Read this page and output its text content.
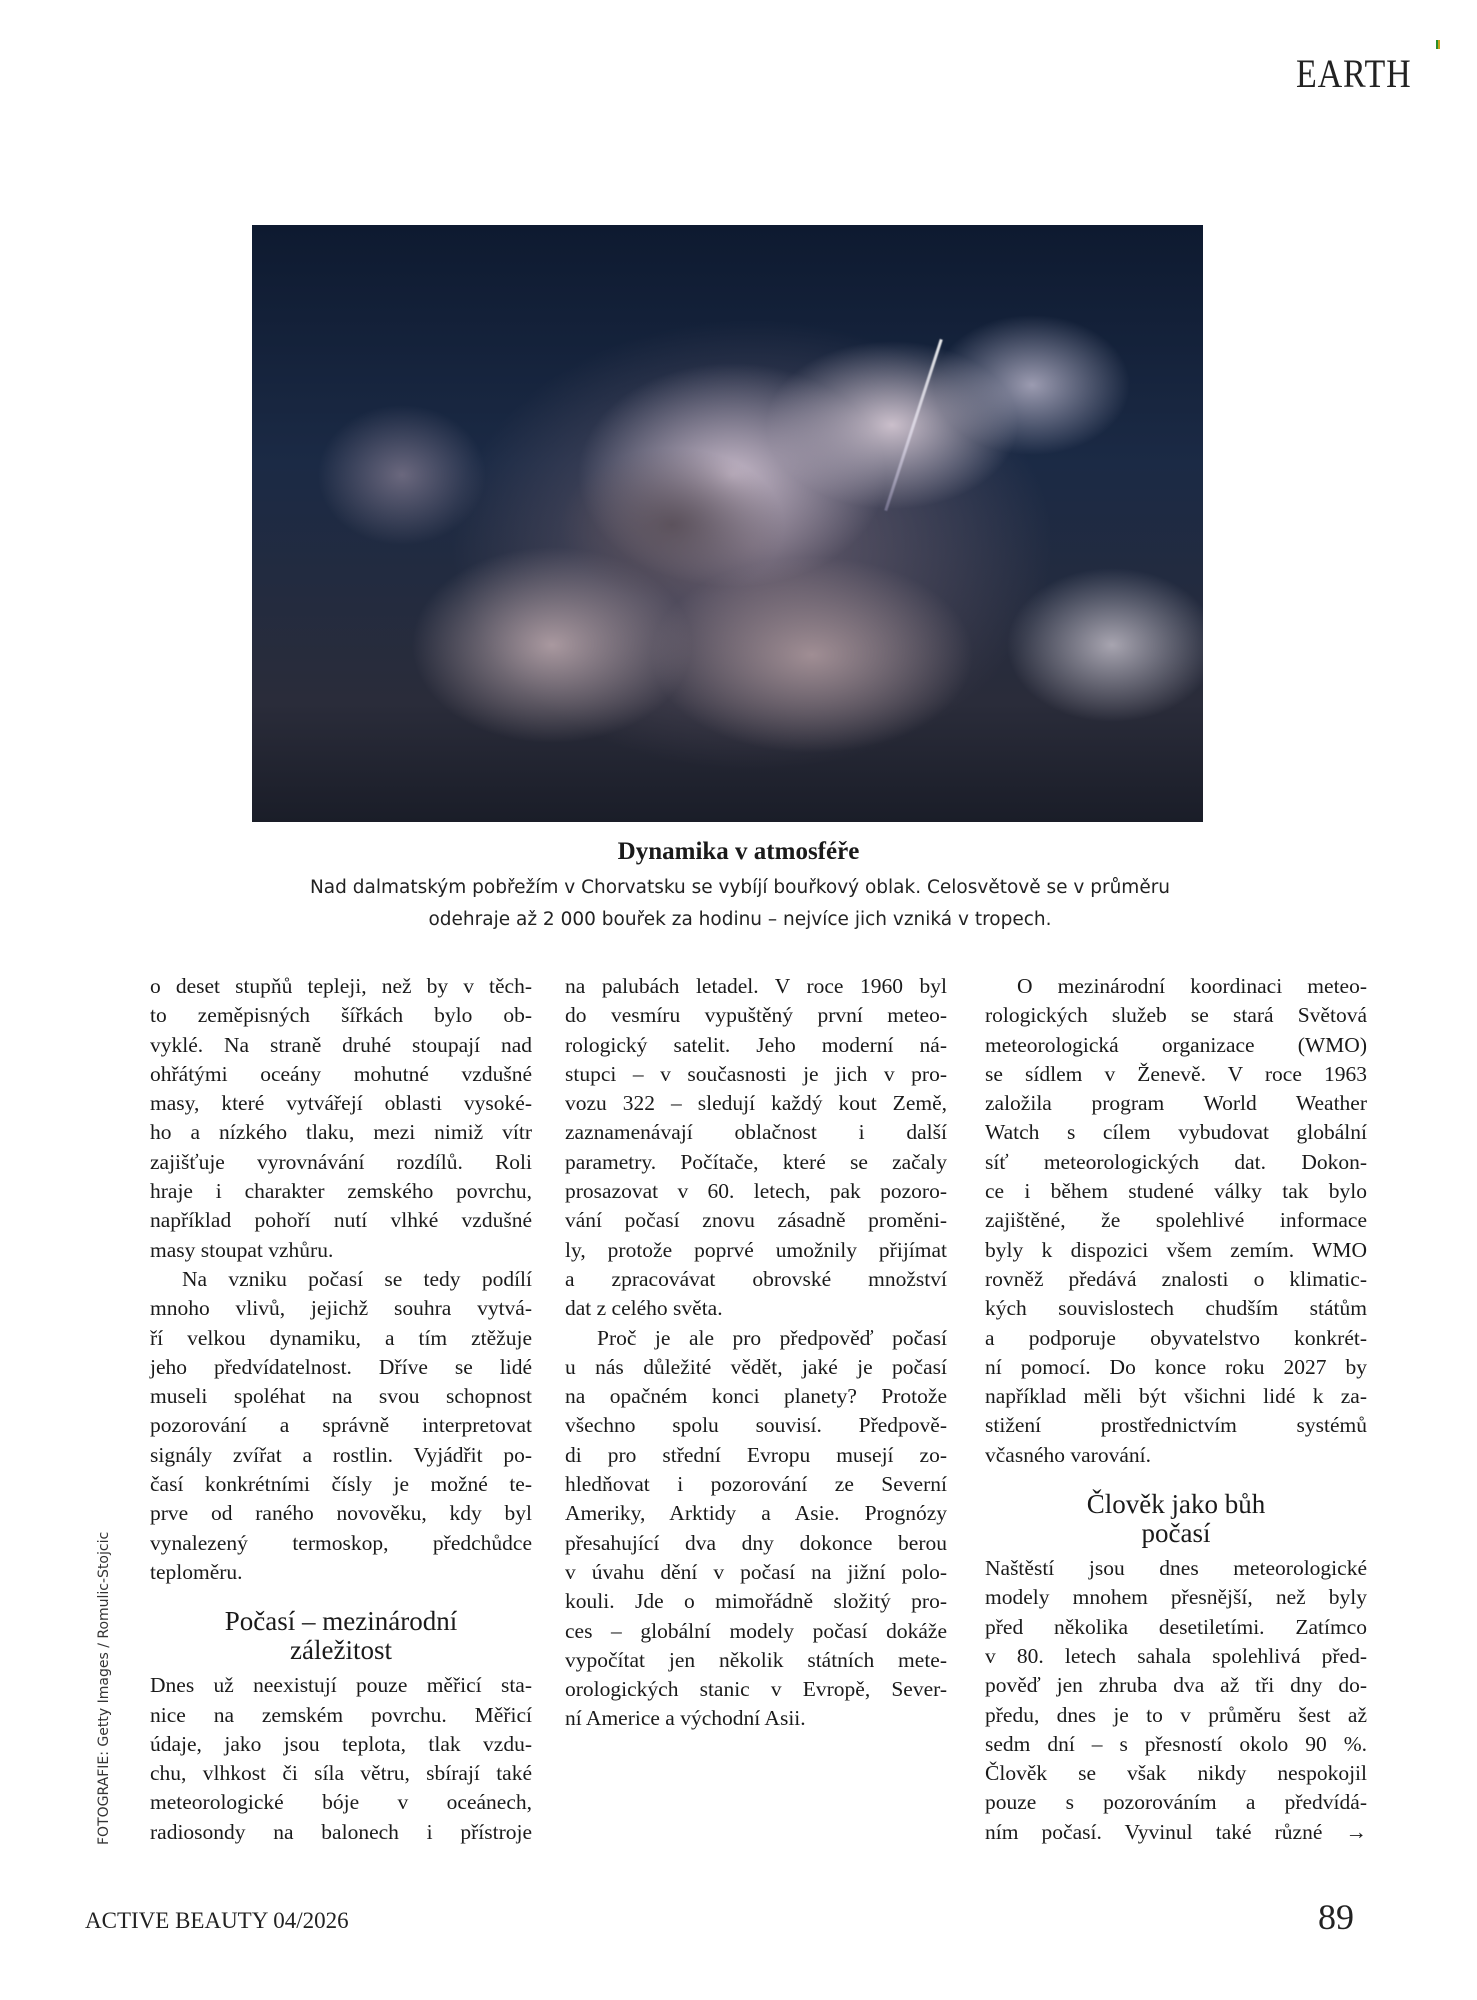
EARTH
Dynamika v atmosféře
Nad dalmatským pobřežím v Chorvatsku se vybíjí bouřkový oblak. Celosvětově se v průměru
odehraje až 2 000 bouřek za hodinu – nejvíce jich vzniká v tropech.
o deset stupňů tepleji, než by v těch-
to zeměpisných šířkách bylo ob-
vyklé. Na straně druhé stoupají nad
ohřátými oceány mohutné vzdušné
masy, které vytvářejí oblasti vysoké-
ho a nízkého tlaku, mezi nimiž vítr
zajišťuje vyrovnávání rozdílů. Roli
hraje i charakter zemského povrchu,
například pohoří nutí vlhké vzdušné
masy stoupat vzhůru.
Na vzniku počasí se tedy podílí
mnoho vlivů, jejichž souhra vytvá-
ří velkou dynamiku, a tím ztěžuje
jeho předvídatelnost. Dříve se lidé
museli spoléhat na svou schopnost
pozorování a správně interpretovat
signály zvířat a rostlin. Vyjádřit po-
časí konkrétními čísly je možné te-
prve od raného novověku, kdy byl
vynalezený termoskop, předchůdce
teploměru.
Počasí – mezinárodní
záležitost
Dnes už neexistují pouze měřicí sta-
nice na zemském povrchu. Měřicí
údaje, jako jsou teplota, tlak vzdu-
chu, vlhkost či síla větru, sbírají také
meteorologické bóje v oceánech,
radiosondy na balonech i přístroje
na palubách letadel. V roce 1960 byl
do vesmíru vypuštěný první meteo-
rologický satelit. Jeho moderní ná-
stupci – v současnosti je jich v pro-
vozu 322 – sledují každý kout Země,
zaznamenávají oblačnost i další
parametry. Počítače, které se začaly
prosazovat v 60. letech, pak pozoro-
vání počasí znovu zásadně proměni-
ly, protože poprvé umožnily přijímat
a zpracovávat obrovské množství
dat z celého světa.
Proč je ale pro předpověď počasí
u nás důležité vědět, jaké je počasí
na opačném konci planety? Protože
všechno spolu souvisí. Předpově-
di pro střední Evropu musejí zo-
hledňovat i pozorování ze Severní
Ameriky, Arktidy a Asie. Prognózy
přesahující dva dny dokonce berou
v úvahu dění v počasí na jižní polo-
kouli. Jde o mimořádně složitý pro-
ces – globální modely počasí dokáže
vypočítat jen několik státních mete-
orologických stanic v Evropě, Sever-
ní Americe a východní Asii.
O mezinárodní koordinaci meteo-
rologických služeb se stará Světová
meteorologická organizace (WMO)
se sídlem v Ženevě. V roce 1963
založila program World Weather
Watch s cílem vybudovat globální
síť meteorologických dat. Dokon-
ce i během studené války tak bylo
zajištěné, že spolehlivé informace
byly k dispozici všem zemím. WMO
rovněž předává znalosti o klimatic-
kých souvislostech chudším státům
a podporuje obyvatelstvo konkrét-
ní pomocí. Do konce roku 2027 by
například měli být všichni lidé k za-
stižení prostřednictvím systémů
včasného varování.
Člověk jako bůh
počasí
Naštěstí jsou dnes meteorologické
modely mnohem přesnější, než byly
před několika desetiletími. Zatímco
v 80. letech sahala spolehlivá před-
pověď jen zhruba dva až tři dny do-
předu, dnes je to v průměru šest až
sedm dní – s přesností okolo 90 %.
Člověk se však nikdy nespokojil
pouze s pozorováním a předvídá-
ním počasí. Vyvinul také různé →
FOTOGRAFIE: Getty Images / Romulic-Stojcic
ACTIVE BEAUTY 04/2026	89
